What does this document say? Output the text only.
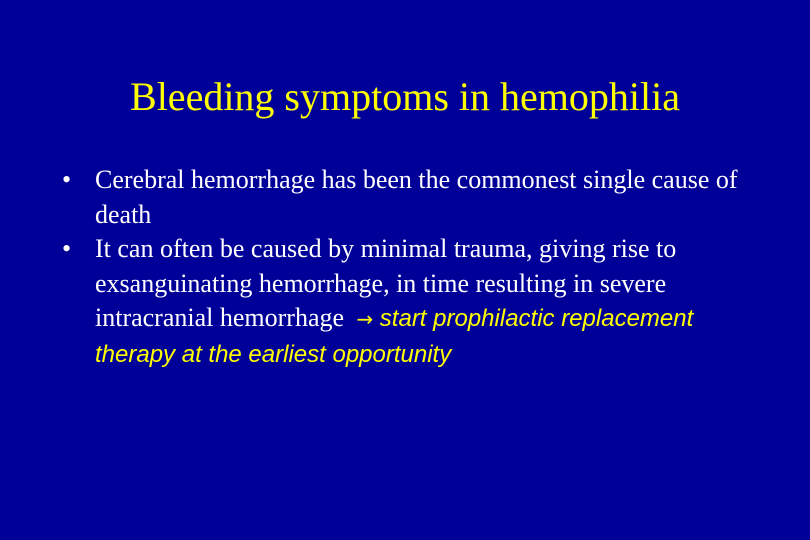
Bleeding symptoms in hemophilia
• Cerebral hemorrhage has been the commonest single cause of death
• It can often be caused by minimal trauma, giving rise to exsanguinating hemorrhage, in time resulting in severe intracranial hemorrhage → start prophilactic replacement therapy at the earliest opportunity
